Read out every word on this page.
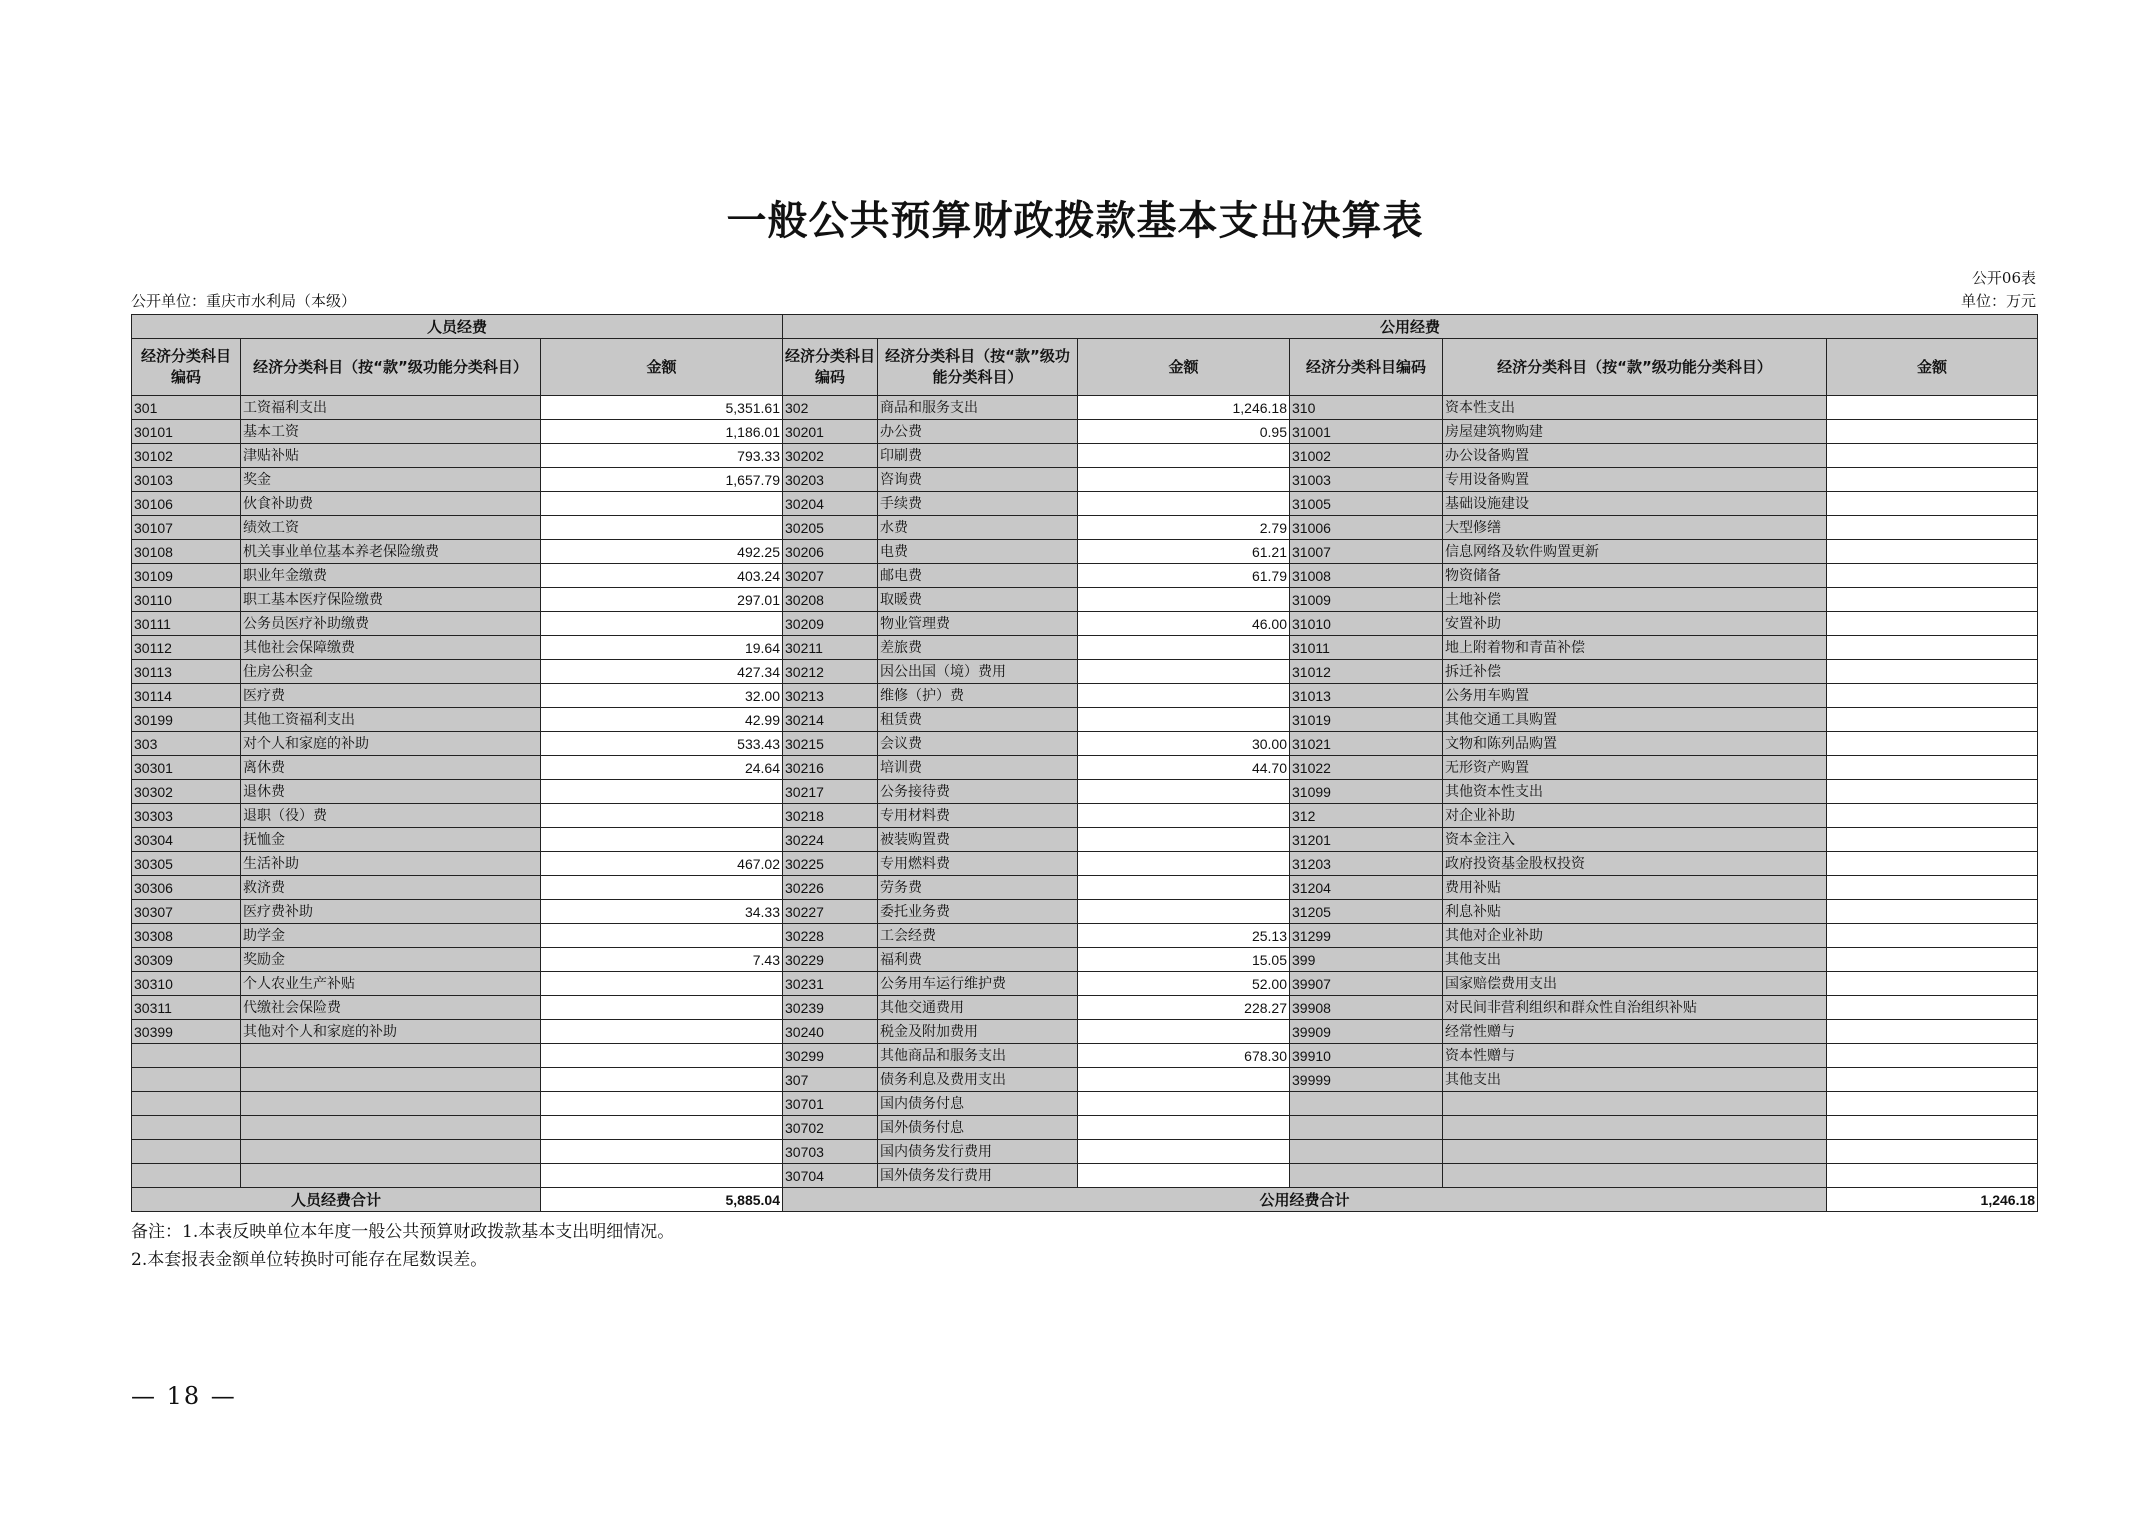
一般公共预算财政拨款基本支出决算表
公开06表
公开单位：重庆市水利局（本级）	单位：万元
人员经费			公用经费					
经济分类科目编码	经济分类科目（按“款”级功能分类科目）	金额	经济分类科目编码	经济分类科目（按“款”级功能分类科目）	金额	经济分类科目编码	经济分类科目（按“款”级功能分类科目）	金额
301	工资福利支出	5,351.61	302	商品和服务支出	1,246.18	310	资本性支出	
30101	基本工资	1,186.01	30201	办公费	0.95	31001	房屋建筑物购建	
30102	津贴补贴	793.33	30202	印刷费		31002	办公设备购置	
30103	奖金	1,657.79	30203	咨询费		31003	专用设备购置	
30106	伙食补助费		30204	手续费		31005	基础设施建设	
30107	绩效工资		30205	水费	2.79	31006	大型修缮	
30108	机关事业单位基本养老保险缴费	492.25	30206	电费	61.21	31007	信息网络及软件购置更新	
30109	职业年金缴费	403.24	30207	邮电费	61.79	31008	物资储备	
30110	职工基本医疗保险缴费	297.01	30208	取暖费		31009	土地补偿	
30111	公务员医疗补助缴费		30209	物业管理费	46.00	31010	安置补助	
30112	其他社会保障缴费	19.64	30211	差旅费		31011	地上附着物和青苗补偿	
30113	住房公积金	427.34	30212	因公出国（境）费用		31012	拆迁补偿	
30114	医疗费	32.00	30213	维修（护）费		31013	公务用车购置	
30199	其他工资福利支出	42.99	30214	租赁费		31019	其他交通工具购置	
303	对个人和家庭的补助	533.43	30215	会议费	30.00	31021	文物和陈列品购置	
30301	离休费	24.64	30216	培训费	44.70	31022	无形资产购置	
30302	退休费		30217	公务接待费		31099	其他资本性支出	
30303	退职（役）费		30218	专用材料费		312	对企业补助	
30304	抚恤金		30224	被装购置费		31201	资本金注入	
30305	生活补助	467.02	30225	专用燃料费		31203	政府投资基金股权投资	
30306	救济费		30226	劳务费		31204	费用补贴	
30307	医疗费补助	34.33	30227	委托业务费		31205	利息补贴	
30308	助学金		30228	工会经费	25.13	31299	其他对企业补助	
30309	奖励金	7.43	30229	福利费	15.05	399	其他支出	
30310	个人农业生产补贴		30231	公务用车运行维护费	52.00	39907	国家赔偿费用支出	
30311	代缴社会保险费		30239	其他交通费用	228.27	39908	对民间非营利组织和群众性自治组织补贴	
30399	其他对个人和家庭的补助		30240	税金及附加费用		39909	经常性赠与	
			30299	其他商品和服务支出	678.30	39910	资本性赠与	
			307	债务利息及费用支出		39999	其他支出	
			30701	国内债务付息				
			30702	国外债务付息				
			30703	国内债务发行费用				
			30704	国外债务发行费用				
人员经费合计		5,885.04	公用经费合计					1,246.18
备注：1.本表反映单位本年度一般公共预算财政拨款基本支出明细情况。
2.本套报表金额单位转换时可能存在尾数误差。
— 18 —
